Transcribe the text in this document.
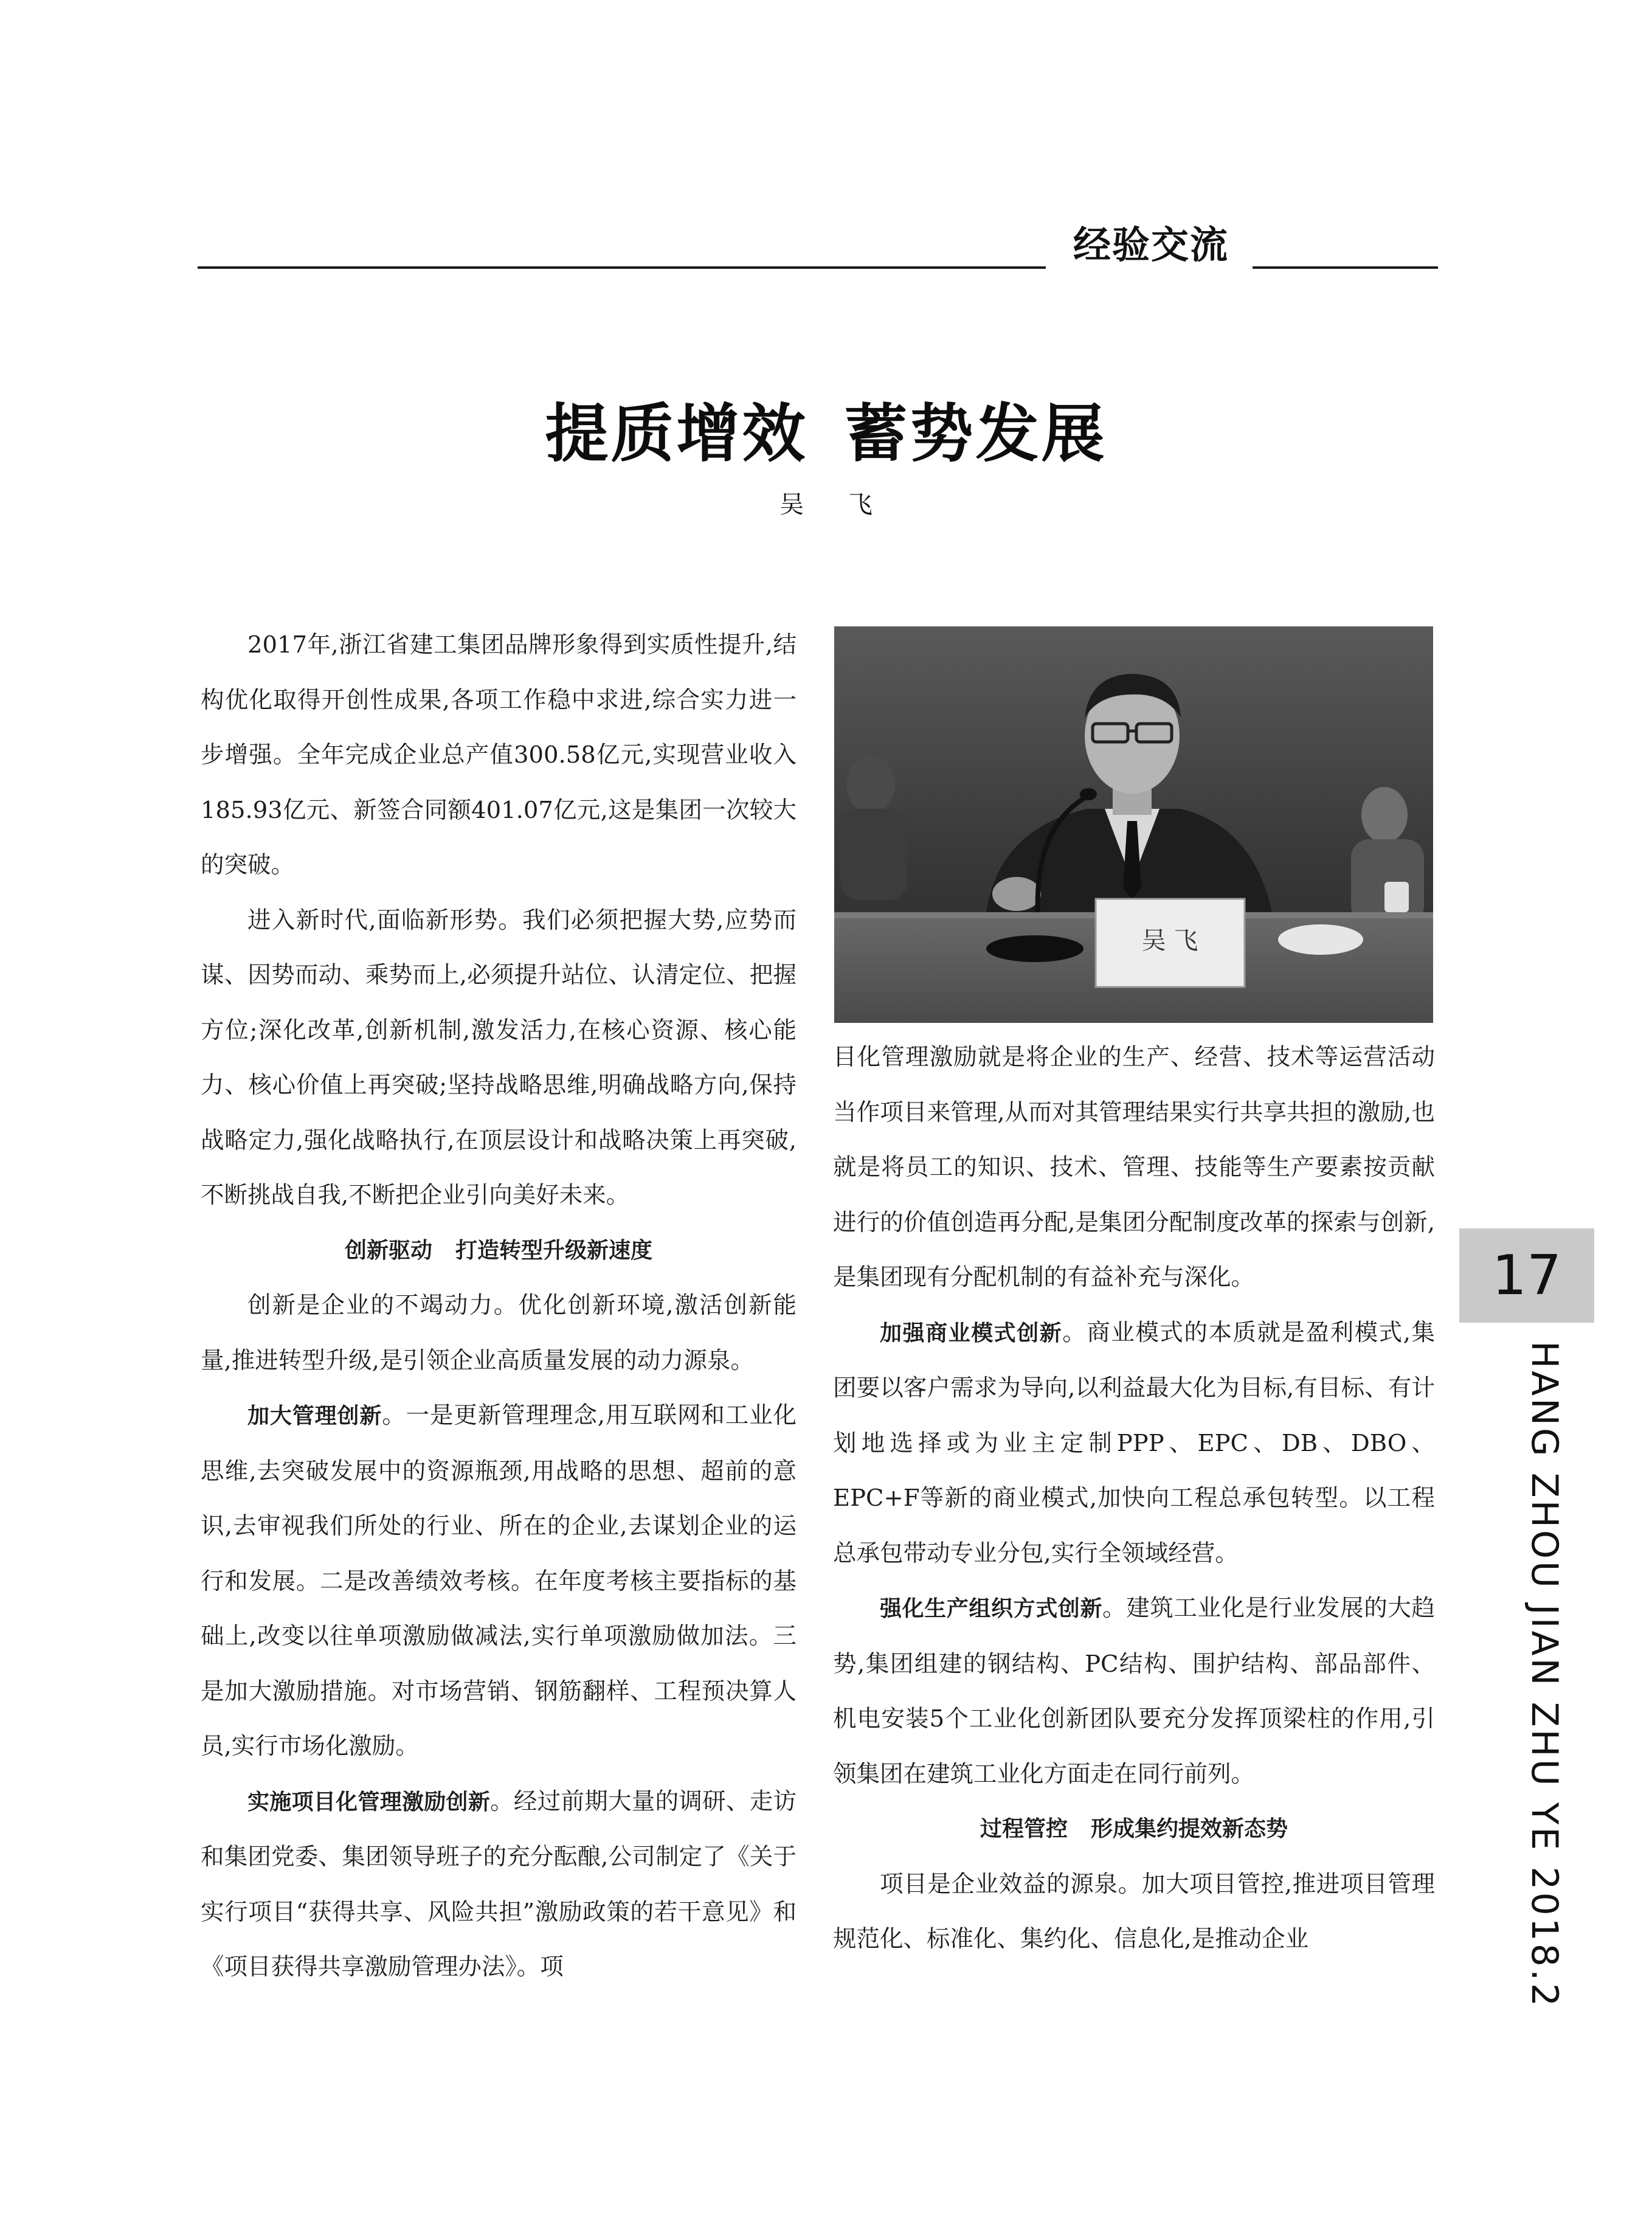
经验交流
提质增效 蓄势发展
吴 飞

2017年,浙江省建工集团品牌形象得到实质性提升,结构优化取得开创性成果,各项工作稳中求进,综合实力进一步增强。全年完成企业总产值300.58亿元,实现营业收入185.93亿元、新签合同额401.07亿元,这是集团一次较大的突破。

进入新时代,面临新形势。我们必须把握大势,应势而谋、因势而动、乘势而上,必须提升站位、认清定位、把握方位;深化改革,创新机制,激发活力,在核心资源、核心能力、核心价值上再突破;坚持战略思维,明确战略方向,保持战略定力,强化战略执行,在顶层设计和战略决策上再突破,不断挑战自我,不断把企业引向美好未来。

创新驱动 打造转型升级新速度

创新是企业的不竭动力。优化创新环境,激活创新能量,推进转型升级,是引领企业高质量发展的动力源泉。

加大管理创新。一是更新管理理念,用互联网和工业化思维,去突破发展中的资源瓶颈,用战略的思想、超前的意识,去审视我们所处的行业、所在的企业,去谋划企业的运行和发展。二是改善绩效考核。在年度考核主要指标的基础上,改变以往单项激励做减法,实行单项激励做加法。三是加大激励措施。对市场营销、钢筋翻样、工程预决算人员,实行市场化激励。

实施项目化管理激励创新。经过前期大量的调研、走访和集团党委、集团领导班子的充分酝酿,公司制定了《关于实行项目“获得共享、风险共担”激励政策的若干意见》和《项目获得共享激励管理办法》。项

吴 飞

目化管理激励就是将企业的生产、经营、技术等运营活动当作项目来管理,从而对其管理结果实行共享共担的激励,也就是将员工的知识、技术、管理、技能等生产要素按贡献进行的价值创造再分配,是集团分配制度改革的探索与创新,是集团现有分配机制的有益补充与深化。

加强商业模式创新。商业模式的本质就是盈利模式,集团要以客户需求为导向,以利益最大化为目标,有目标、有计划地选择或为业主定制PPP、EPC、DB、DBO、EPC+F等新的商业模式,加快向工程总承包转型。以工程总承包带动专业分包,实行全领域经营。

强化生产组织方式创新。建筑工业化是行业发展的大趋势,集团组建的钢结构、PC结构、围护结构、部品部件、机电安装5个工业化创新团队要充分发挥顶梁柱的作用,引领集团在建筑工业化方面走在同行前列。

过程管控 形成集约提效新态势

项目是企业效益的源泉。加大项目管控,推进项目管理规范化、标准化、集约化、信息化,是推动企业

17
HANG ZHOU JIAN ZHU YE 2018.2
